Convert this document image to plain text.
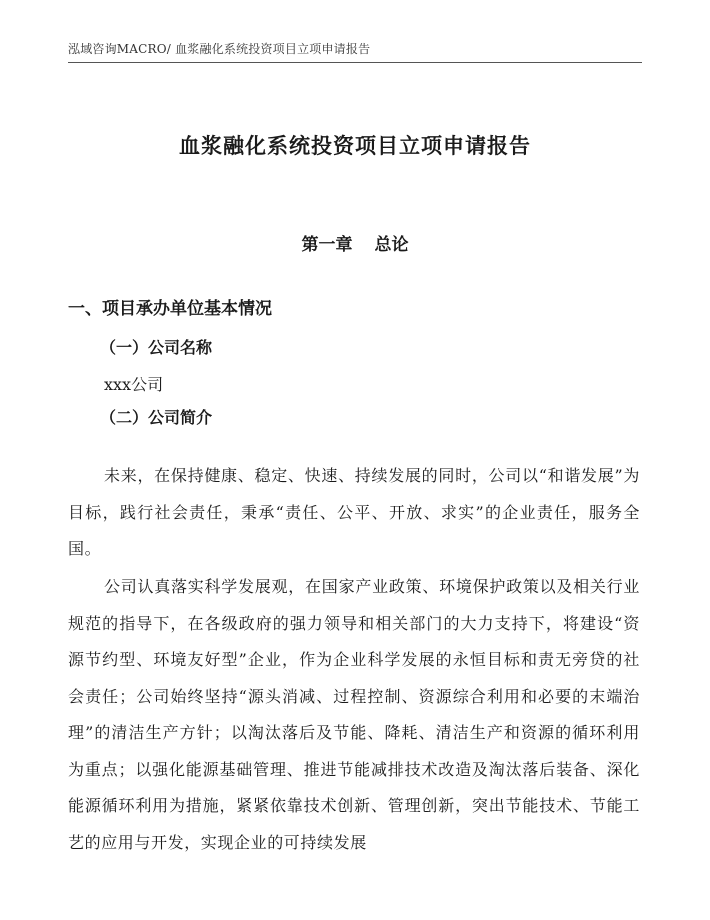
泓域咨询MACRO/ 血浆融化系统投资项目立项申请报告
血浆融化系统投资项目立项申请报告
第一章 总论
一、项目承办单位基本情况
（一）公司名称
xxx公司
（二）公司简介

未来，在保持健康、稳定、快速、持续发展的同时，公司以“和谐发展”为目标，践行社会责任，秉承“责任、公平、开放、求实”的企业责任，服务全国。

公司认真落实科学发展观，在国家产业政策、环境保护政策以及相关行业规范的指导下，在各级政府的强力领导和相关部门的大力支持下，将建设“资源节约型、环境友好型”企业，作为企业科学发展的永恒目标和责无旁贷的社会责任；公司始终坚持“源头消减、过程控制、资源综合利用和必要的末端治理”的清洁生产方针；以淘汰落后及节能、降耗、清洁生产和资源的循环利用为重点；以强化能源基础管理、推进节能减排技术改造及淘汰落后装备、深化能源循环利用为措施，紧紧依靠技术创新、管理创新，突出节能技术、节能工艺的应用与开发，实现企业的可持续发展
